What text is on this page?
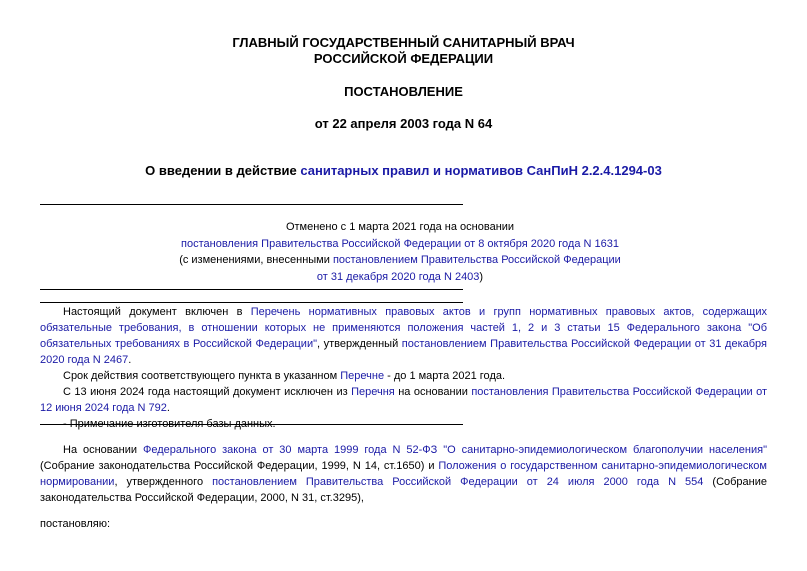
ГЛАВНЫЙ ГОСУДАРСТВЕННЫЙ САНИТАРНЫЙ ВРАЧ
РОССИЙСКОЙ ФЕДЕРАЦИИ
ПОСТАНОВЛЕНИЕ
от 22 апреля 2003 года N 64
О введении в действие санитарных правил и нормативов СанПиН 2.2.4.1294-03
Отменено с 1 марта 2021 года на основании
постановления Правительства Российской Федерации от 8 октября 2020 года N 1631
(с изменениями, внесенными постановлением Правительства Российской Федерации
от 31 декабря 2020 года N 2403)

Настоящий документ включен в Перечень нормативных правовых актов и групп нормативных правовых актов, содержащих обязательные требования, в отношении которых не применяются положения частей 1, 2 и 3 статьи 15 Федерального закона "Об обязательных требованиях в Российской Федерации", утвержденный постановлением Правительства Российской Федерации от 31 декабря 2020 года N 2467.

Срок действия соответствующего пункта в указанном Перечне - до 1 марта 2021 года.

С 13 июня 2024 года настоящий документ исключен из Перечня на основании постановления Правительства Российской Федерации от 12 июня 2024 года N 792.

- Примечание изготовителя базы данных.

На основании Федерального закона от 30 марта 1999 года N 52-ФЗ "О санитарно-эпидемиологическом благополучии населения" (Собрание законодательства Российской Федерации, 1999, N 14, ст.1650) и Положения о государственном санитарно-эпидемиологическом нормировании, утвержденного постановлением Правительства Российской Федерации от 24 июля 2000 года N 554 (Собрание законодательства Российской Федерации, 2000, N 31, ст.3295),

постановляю:
